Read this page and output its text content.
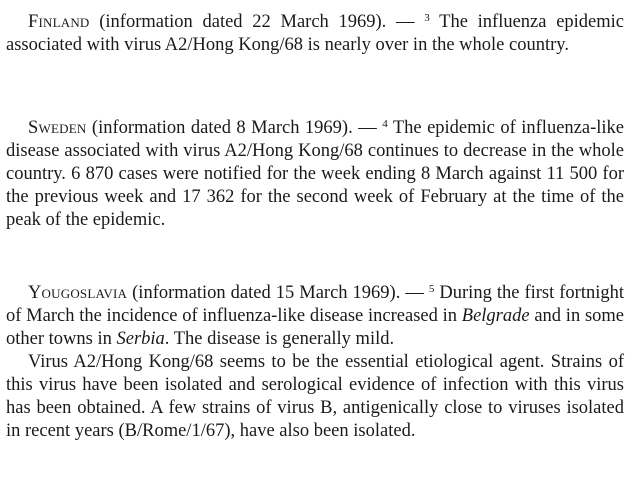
Finland (information dated 22 March 1969). — $^3$ The influenza epidemic associated with virus A2/Hong Kong/68 is nearly over in the whole country.

Sweden (information dated 8 March 1969). — $^4$ The epidemic of influenza-like disease associated with virus A2/Hong Kong/68 continues to decrease in the whole country. 6 870 cases were notified for the week ending 8 March against 11 500 for the previous week and 17 362 for the second week of February at the time of the peak of the epidemic.

Yougoslavia (information dated 15 March 1969). — $^5$ During the first fortnight of March the incidence of influenza-like disease increased in Belgrade and in some other towns in Serbia. The disease is generally mild.

Virus A2/Hong Kong/68 seems to be the essential etiological agent. Strains of this virus have been isolated and serological evidence of infection with this virus has been obtained. A few strains of virus B, antigenically close to viruses isolated in recent years (B/Rome/1/67), have also been isolated.
